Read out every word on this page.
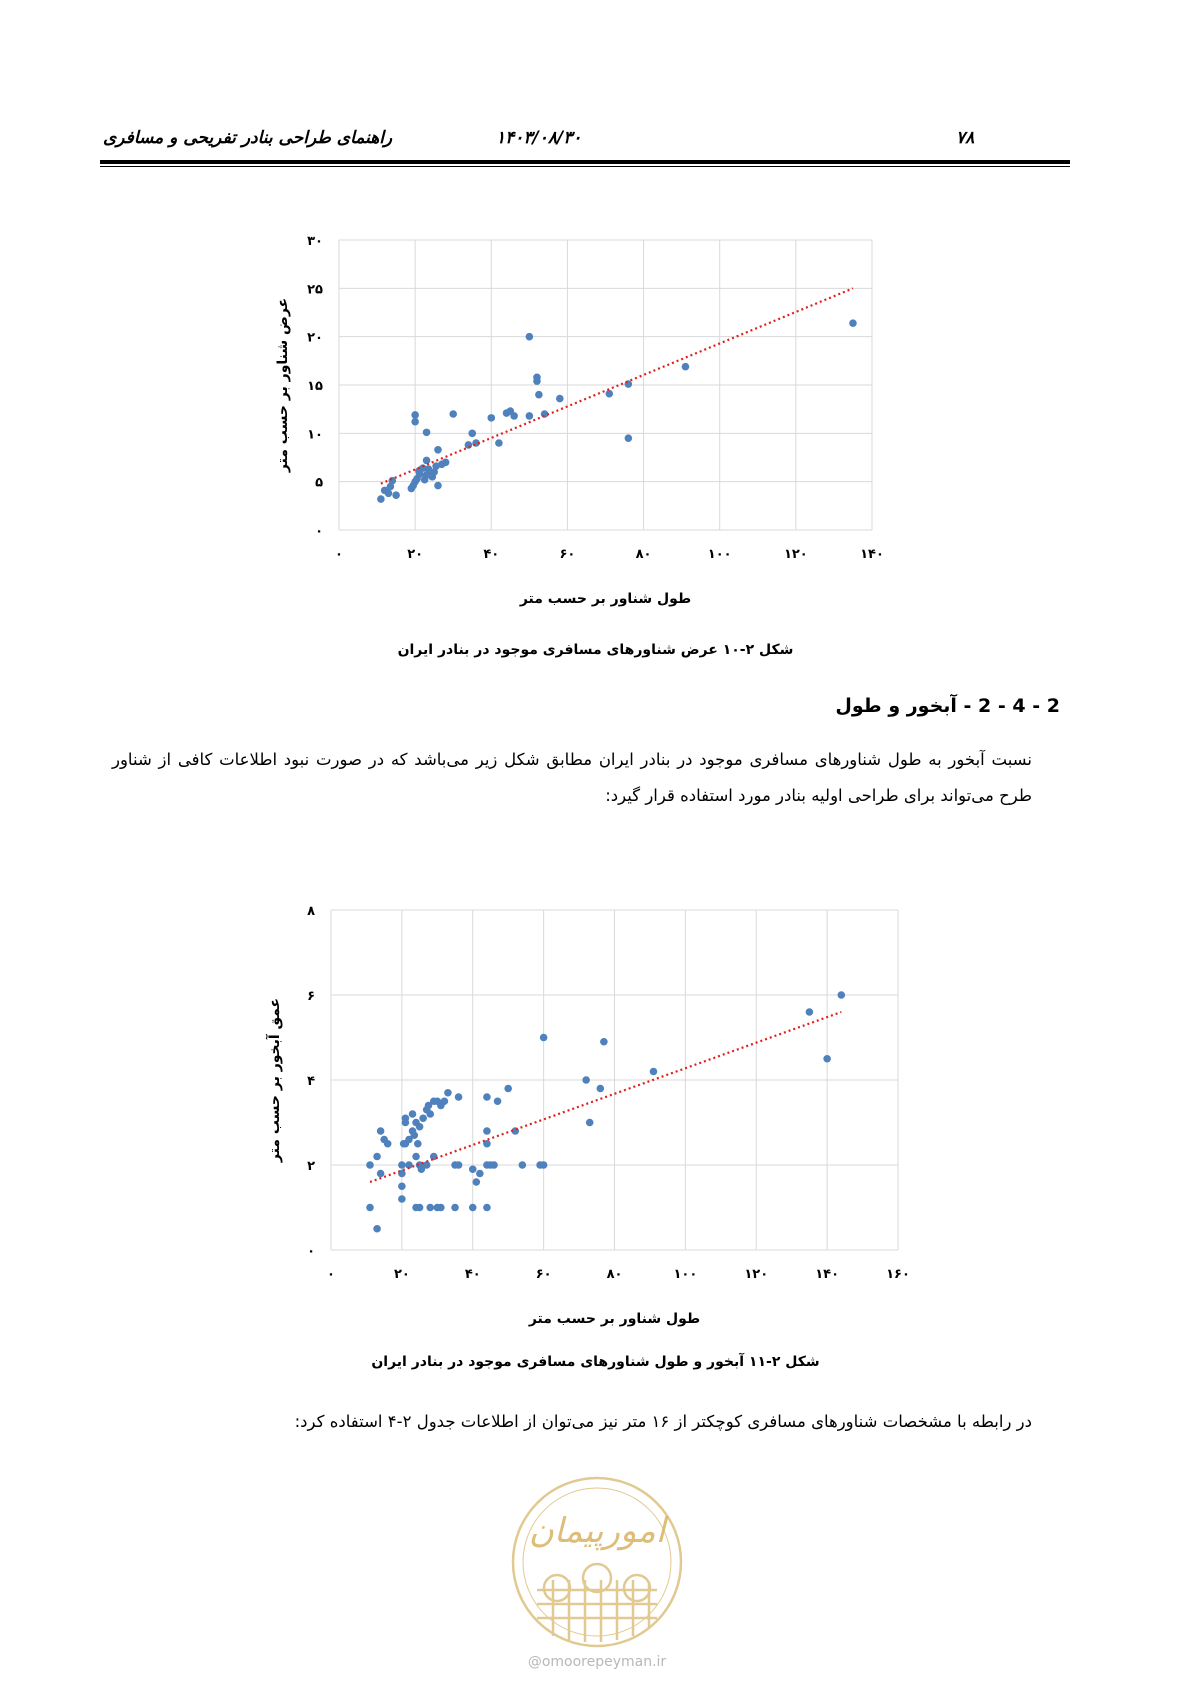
۷۸
۱۴۰۳/۰۸/۳۰
راهنمای طراحی بنادر تفریحی و مسافری
۰	۲۰	۴۰	۶۰	۸۰	۱۰۰	۱۲۰	۱۴۰
۰
۵
۱۰
۱۵
۲۰
۲۵
۳۰
طول شناور بر حسب متر
عرض شناور بر حسب متر
شکل ۲-۱۰ عرض شناورهای مسافری موجود در بنادر ایران
2 - 4 - 2 - آبخور و طول
نسبت آبخور به طول شناورهای مسافری موجود در بنادر ایران مطابق شکل زیر می‌باشد که در صورت نبود اطلاعات کافی از شناور طرح می‌تواند برای طراحی اولیه بنادر مورد استفاده قرار گیرد:
۰	۲۰	۴۰	۶۰	۸۰	۱۰۰	۱۲۰	۱۴۰	۱۶۰
۰
۲
۴
۶
۸
طول شناور بر حسب متر
عمق آبخور بر حسب متر
شکل ۲-۱۱ آبخور و طول شناورهای مسافری موجود در بنادر ایران
در رابطه با مشخصات شناورهای مسافری کوچکتر از ۱۶ متر نیز می‌توان از اطلاعات جدول ۲-۴ استفاده کرد:
امورپیمان
@omoorepeyman.ir
